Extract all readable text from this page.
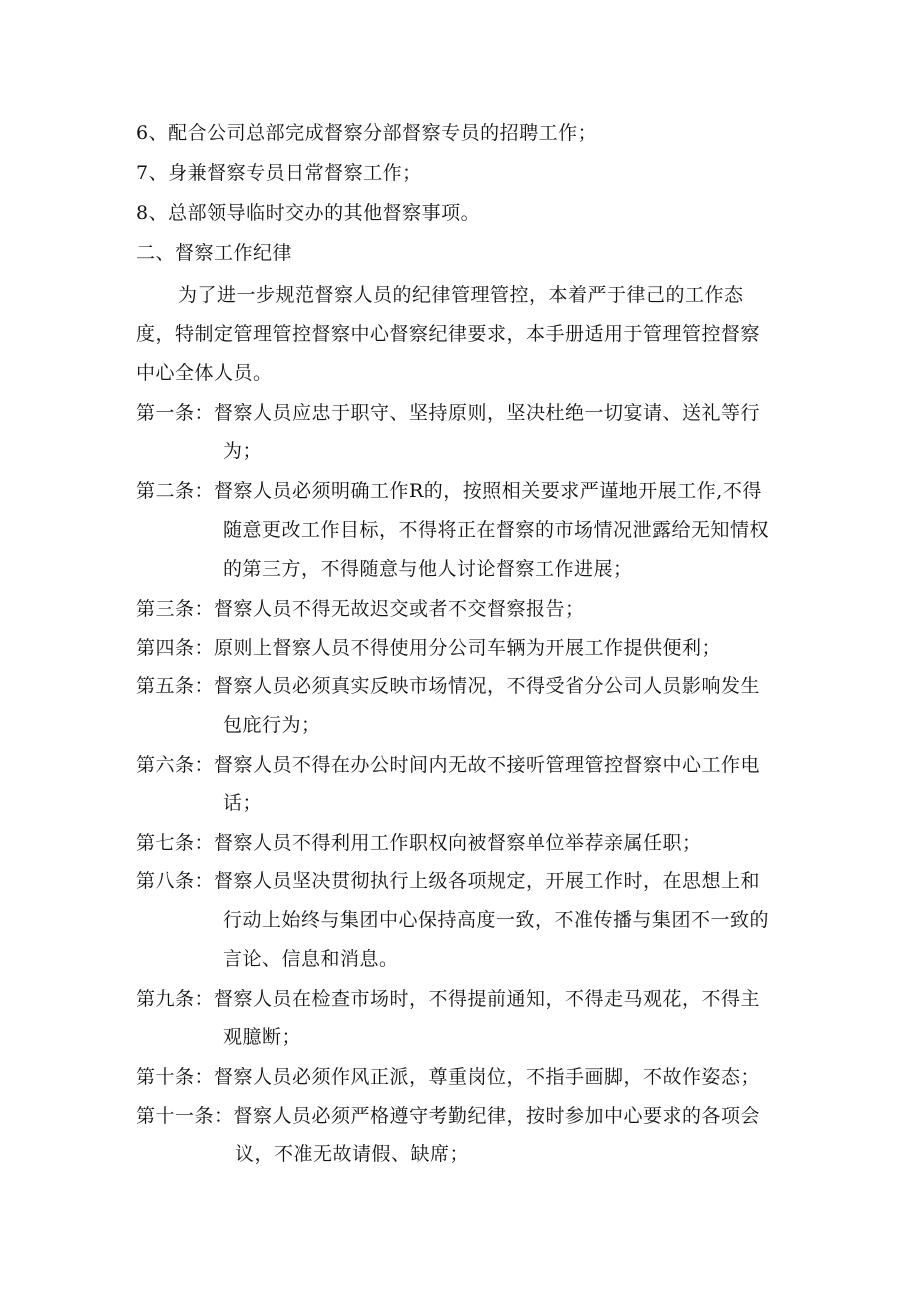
6、配合公司总部完成督察分部督察专员的招聘工作；
7、身兼督察专员日常督察工作；
8、总部领导临时交办的其他督察事项。
二、督察工作纪律
为了进一步规范督察人员的纪律管理管控，本着严于律己的工作态
度，特制定管理管控督察中心督察纪律要求，本手册适用于管理管控督察
中心全体人员。
第一条：督察人员应忠于职守、坚持原则，坚决杜绝一切宴请、送礼等行
为；
第二条：督察人员必须明确工作R的，按照相关要求严谨地开展工作,不得
随意更改工作目标，不得将正在督察的市场情况泄露给无知情权
的第三方，不得随意与他人讨论督察工作进展；
第三条：督察人员不得无故迟交或者不交督察报告；
第四条：原则上督察人员不得使用分公司车辆为开展工作提供便利；
第五条：督察人员必须真实反映市场情况，不得受省分公司人员影响发生
包庇行为；
第六条：督察人员不得在办公时间内无故不接听管理管控督察中心工作电
话；
第七条：督察人员不得利用工作职权向被督察单位举荐亲属任职；
第八条：督察人员坚决贯彻执行上级各项规定，开展工作时，在思想上和
行动上始终与集团中心保持高度一致，不准传播与集团不一致的
言论、信息和消息。
第九条：督察人员在检查市场时，不得提前通知，不得走马观花，不得主
观臆断；
第十条：督察人员必须作风正派，尊重岗位，不指手画脚，不故作姿态；
第十一条：督察人员必须严格遵守考勤纪律，按时参加中心要求的各项会
议，不准无故请假、缺席；
